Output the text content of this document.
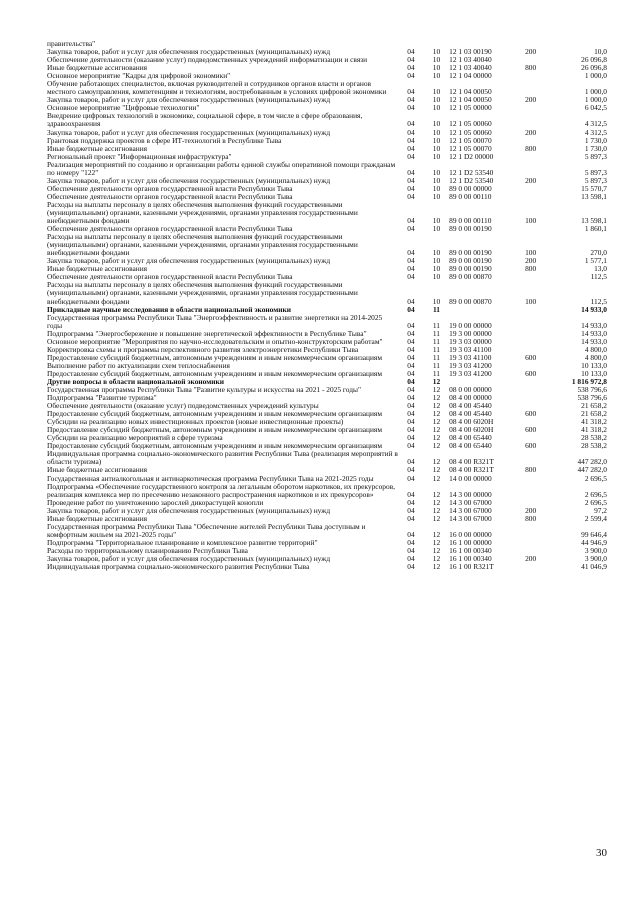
правительства"					
Закупка товаров, работ и услуг для обеспечения государственных (муниципальных) нужд	04	10	12 1 03 00190	200	10,0
Обеспечение деятельности (оказание услуг) подведомственных учреждений информатизации и связи	04	10	12 1 03 40040		26 096,8
Иные бюджетные ассигнования	04	10	12 1 03 40040	800	26 096,8
Основное мероприятие "Кадры для цифровой экономики"	04	10	12 1 04 00000		1 000,0
Обучение работающих специалистов, включая руководителей и сотрудников органов власти и органов местного самоуправления, компетенциям и технологиям, востребованным в условиях цифровой экономики	04	10	12 1 04 00050		1 000,0
Закупка товаров, работ и услуг для обеспечения государственных (муниципальных) нужд	04	10	12 1 04 00050	200	1 000,0
Основное мероприятие "Цифровые технологии"	04	10	12 1 05 00000		6 042,5
Внедрение цифровых технологий в экономике, социальной сфере, в том числе в сфере образования, здравоохранения	04	10	12 1 05 00060		4 312,5
Закупка товаров, работ и услуг для обеспечения государственных (муниципальных) нужд	04	10	12 1 05 00060	200	4 312,5
Грантовая поддержка проектов в сфере ИТ-технологий в Республике Тыва	04	10	12 1 05 00070		1 730,0
Иные бюджетные ассигнования	04	10	12 1 05 00070	800	1 730,0
Региональный проект "Информационная инфраструктура"	04	10	12 1 D2 00000		5 897,3
Реализация мероприятий по созданию и организации работы единой службы оперативной помощи гражданам по номеру "122"	04	10	12 1 D2 53540		5 897,3
Закупка товаров, работ и услуг для обеспечения государственных (муниципальных) нужд	04	10	12 1 D2 53540	200	5 897,3
Обеспечение деятельности органов государственной власти Республики Тыва	04	10	89 0 00 00000		15 570,7
Обеспечение деятельности органов государственной власти Республики Тыва	04	10	89 0 00 00110		13 598,1
Расходы на выплаты персоналу в целях обеспечения выполнения функций государственными (муниципальными) органами, казенными учреждениями, органами управления государственными внебюджетными фондами	04	10	89 0 00 00110	100	13 598,1
Обеспечение деятельности органов государственной власти Республики Тыва	04	10	89 0 00 00190		1 860,1
Расходы на выплаты персоналу в целях обеспечения выполнения функций государственными (муниципальными) органами, казенными учреждениями, органами управления государственными внебюджетными фондами	04	10	89 0 00 00190	100	270,0
Закупка товаров, работ и услуг для обеспечения государственных (муниципальных) нужд	04	10	89 0 00 00190	200	1 577,1
Иные бюджетные ассигнования	04	10	89 0 00 00190	800	13,0
Обеспечение деятельности органов государственной власти Республики Тыва	04	10	89 0 00 00870		112,5
Расходы на выплаты персоналу в целях обеспечения выполнения функций государственными (муниципальными) органами, казенными учреждениями, органами управления государственными внебюджетными фондами	04	10	89 0 00 00870	100	112,5
Прикладные научные исследования в области национальной экономики	04	11			14 933,0
Государственная программа Республики Тыва "Энергоэффективность и развитие энергетики на 2014-2025 годы	04	11	19 0 00 00000		14 933,0
Подпрограмма "Энергосбережение и повышение энергетической эффективности в Республике Тыва"	04	11	19 3 00 00000		14 933,0
Основное мероприятие "Мероприятия по научно-исследовательским и опытно-конструкторским работам"	04	11	19 3 03 00000		14 933,0
Корректировка схемы и программы перспективного развития электроэнергетики Республики Тыва	04	11	19 3 03 41100		4 800,0
Предоставление субсидий бюджетным, автономным учреждениям и иным некоммерческим организациям	04	11	19 3 03 41100	600	4 800,0
Выполнение работ по актуализации схем теплоснабжения	04	11	19 3 03 41200		10 133,0
Предоставление субсидий бюджетным, автономным учреждениям и иным некоммерческим организациям	04	11	19 3 03 41200	600	10 133,0
Другие вопросы в области национальной экономики	04	12			1 816 972,8
Государственная программа Республики Тыва "Развитие культуры и искусства на 2021 - 2025 годы"	04	12	08 0 00 00000		538 796,6
Подпрограмма "Развитие туризма"	04	12	08 4 00 00000		538 796,6
Обеспечение деятельности (оказание услуг) подведомственных учреждений культуры	04	12	08 4 00 45440		21 658,2
Предоставление субсидий бюджетным, автономным учреждениям и иным некоммерческим организациям	04	12	08 4 00 45440	600	21 658,2
Субсидии на реализацию новых инвестиционных проектов (новые инвестиционные проекты)	04	12	08 4 00 6020H		41 318,2
Предоставление субсидий бюджетным, автономным учреждениям и иным некоммерческим организациям	04	12	08 4 00 6020H	600	41 318,2
Субсидии на реализацию мероприятий в сфере туризма	04	12	08 4 00 65440		28 538,2
Предоставление субсидий бюджетным, автономным учреждениям и иным некоммерческим организациям	04	12	08 4 00 65440	600	28 538,2
Индивидуальная программа социально-экономического развития Республики Тыва (реализация мероприятий в области туризма)	04	12	08 4 00 R321T		447 282,0
Иные бюджетные ассигнования	04	12	08 4 00 R321T	800	447 282,0
Государственная антиалкогольная и антинаркотическая программа Республики Тыва на 2021-2025 годы	04	12	14 0 00 00000		2 696,5
Подпрограмма «Обеспечение государственного контроля за легальным оборотом наркотиков, их прекурсоров, реализация комплекса мер по пресечению незаконного распространения наркотиков и их прекурсоров»	04	12	14 3 00 00000		2 696,5
Проведение работ по уничтожению зарослей дикорастущей конопли	04	12	14 3 00 67000		2 696,5
Закупка товаров, работ и услуг для обеспечения государственных (муниципальных) нужд	04	12	14 3 00 67000	200	97,2
Иные бюджетные ассигнования	04	12	14 3 00 67000	800	2 599,4
Государственная программа Республики Тыва "Обеспечение жителей Республики Тыва доступным и комфортным жильем на 2021-2025 годы"	04	12	16 0 00 00000		99 646,4
Подпрограмма "Территориальное планирование и комплексное развитие территорий"	04	12	16 1 00 00000		44 946,9
Расходы по территориальному планированию Республики Тыва	04	12	16 1 00 00340		3 900,0
Закупка товаров, работ и услуг для обеспечения государственных (муниципальных) нужд	04	12	16 1 00 00340	200	3 900,0
Индивидуальная программа социально-экономического развития Республики Тыва	04	12	16 1 00 R321T		41 046,9
30
